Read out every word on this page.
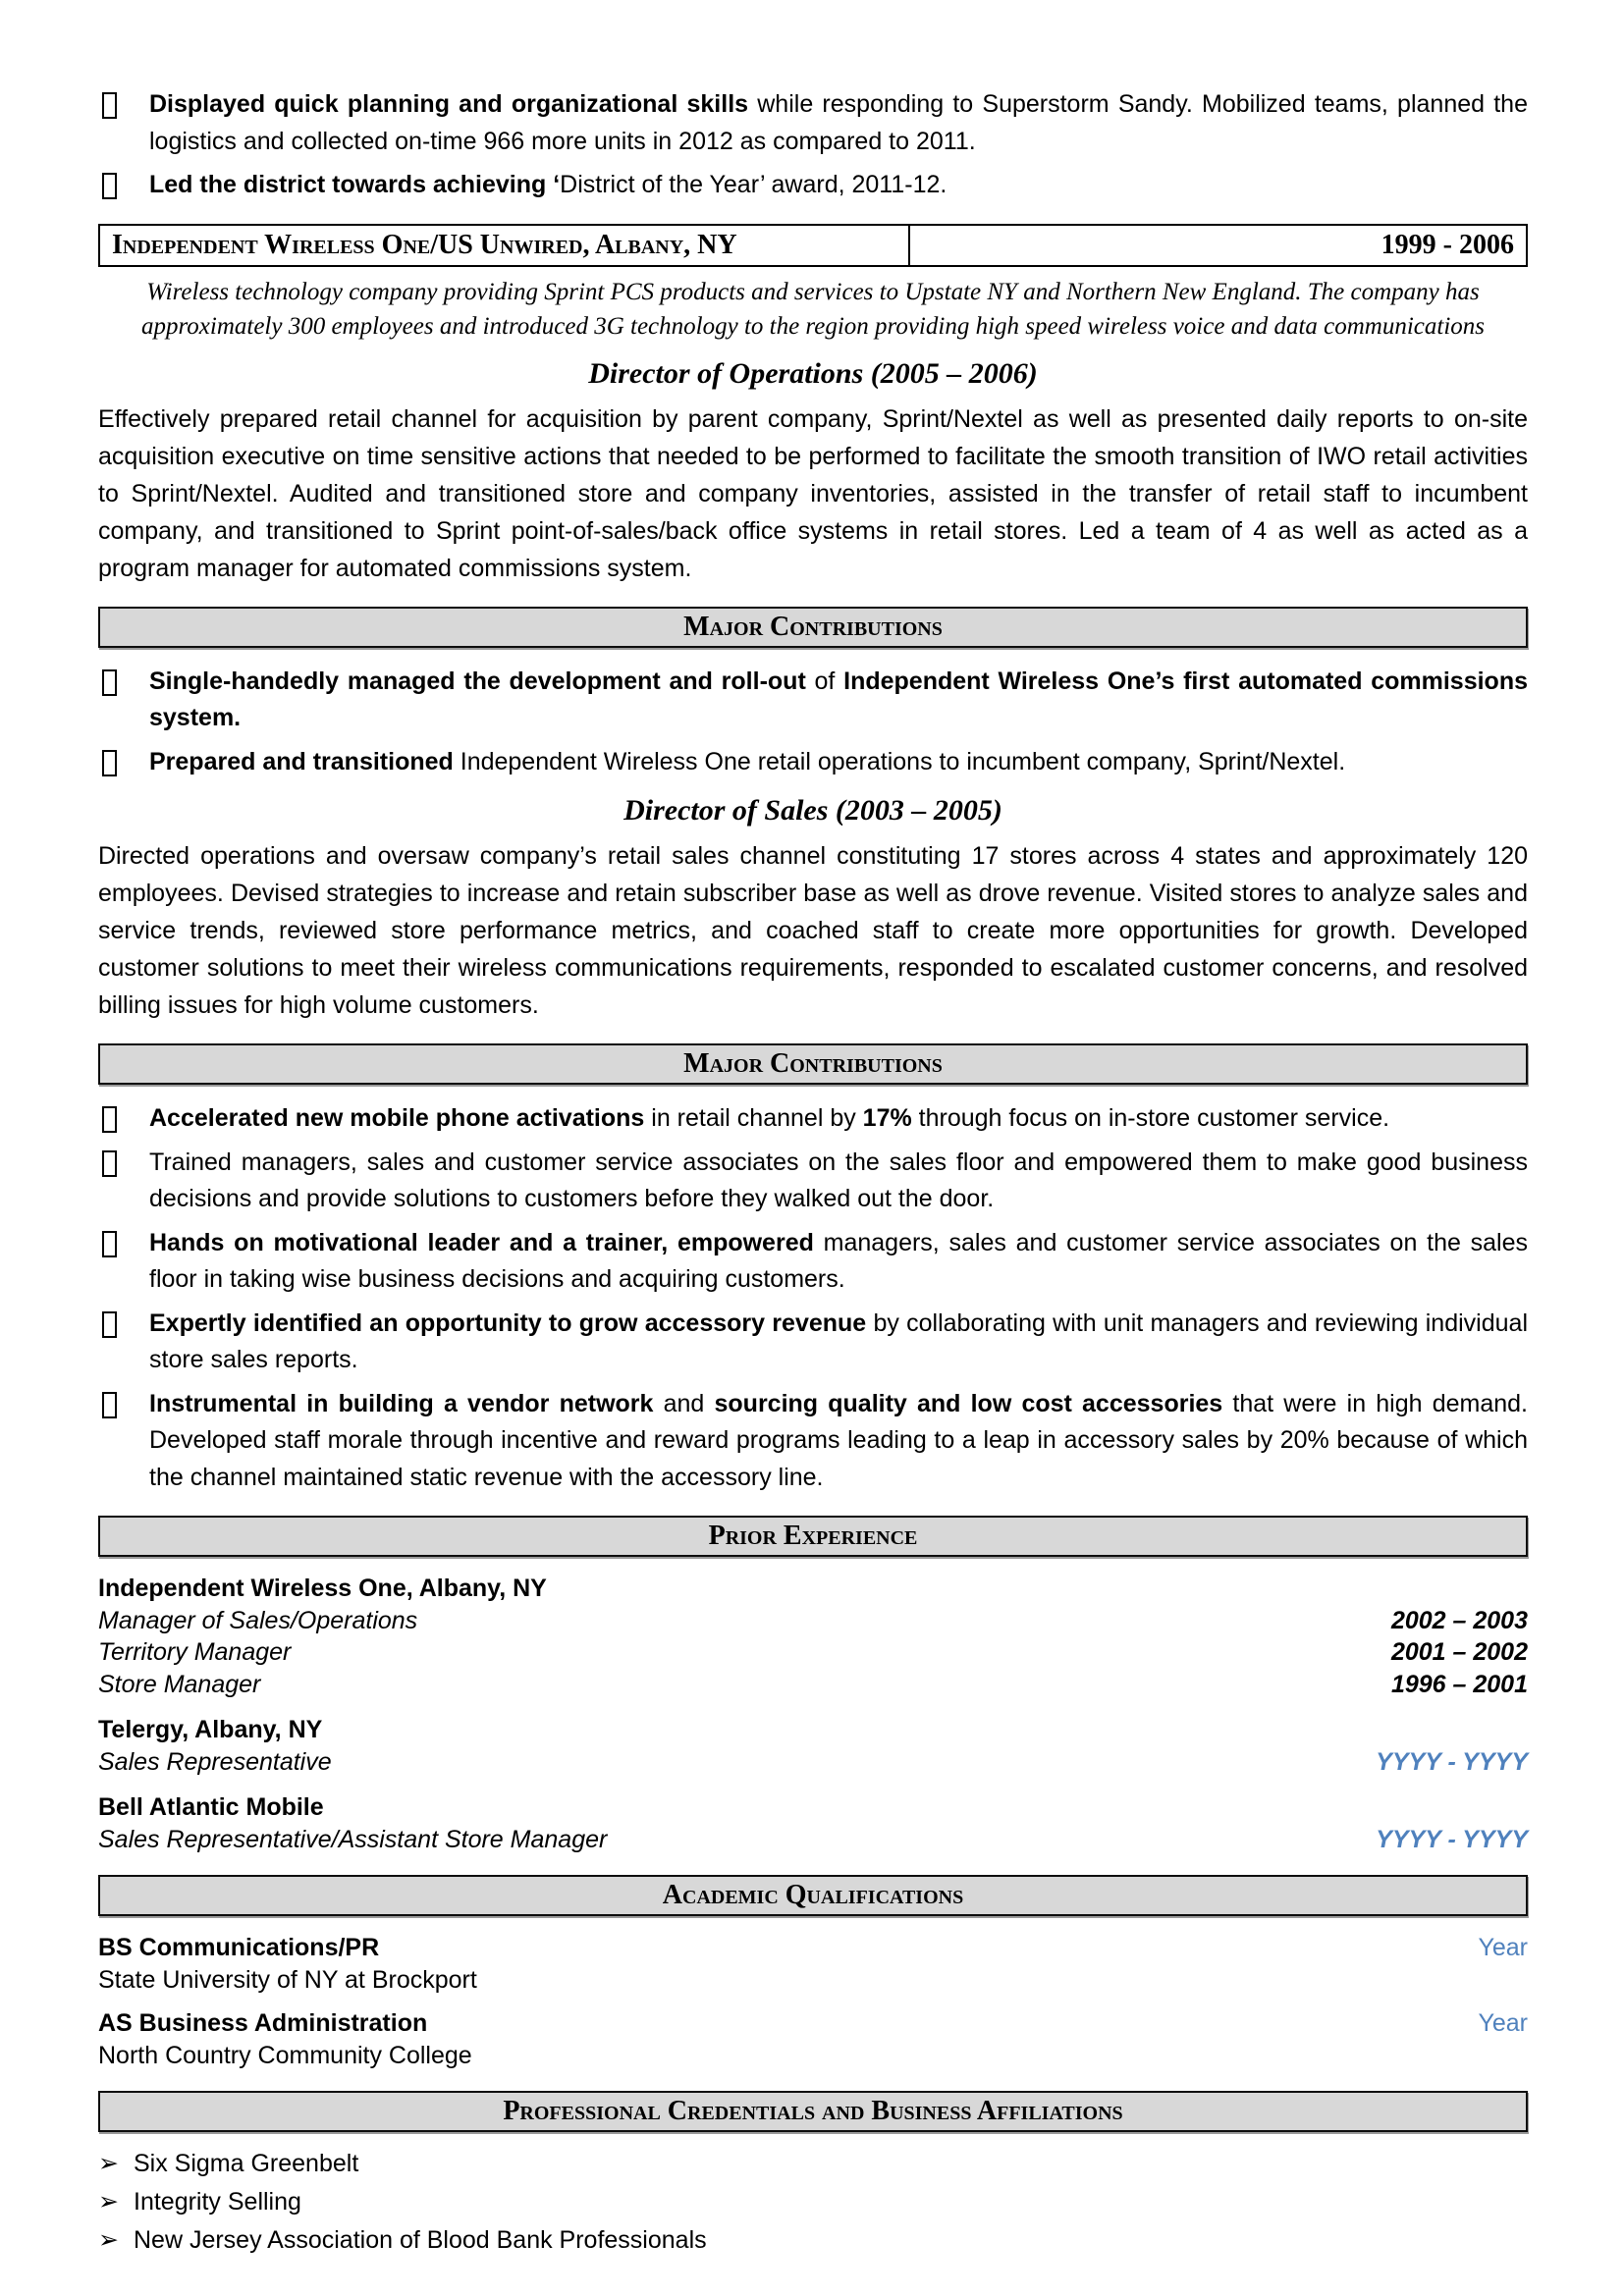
Displayed quick planning and organizational skills while responding to Superstorm Sandy. Mobilized teams, planned the logistics and collected on-time 966 more units in 2012 as compared to 2011.
Led the district towards achieving ‘District of the Year’ award, 2011-12.
Independent Wireless One/US Unwired, Albany, NY	1999 - 2006
Wireless technology company providing Sprint PCS products and services to Upstate NY and Northern New England. The company has approximately 300 employees and introduced 3G technology to the region providing high speed wireless voice and data communications
Director of Operations (2005 – 2006)

Effectively prepared retail channel for acquisition by parent company, Sprint/Nextel as well as presented daily reports to on-site acquisition executive on time sensitive actions that needed to be performed to facilitate the smooth transition of IWO retail activities to Sprint/Nextel. Audited and transitioned store and company inventories, assisted in the transfer of retail staff to incumbent company, and transitioned to Sprint point-of-sales/back office systems in retail stores. Led a team of 4 as well as acted as a program manager for automated commissions system.

Major Contributions
Single-handedly managed the development and roll-out of Independent Wireless One’s first automated commissions system.
Prepared and transitioned Independent Wireless One retail operations to incumbent company, Sprint/Nextel.
Director of Sales (2003 – 2005)

Directed operations and oversaw company’s retail sales channel constituting 17 stores across 4 states and approximately 120 employees. Devised strategies to increase and retain subscriber base as well as drove revenue. Visited stores to analyze sales and service trends, reviewed store performance metrics, and coached staff to create more opportunities for growth. Developed customer solutions to meet their wireless communications requirements, responded to escalated customer concerns, and resolved billing issues for high volume customers.

Major Contributions
Accelerated new mobile phone activations in retail channel by 17% through focus on in-store customer service.
Trained managers, sales and customer service associates on the sales floor and empowered them to make good business decisions and provide solutions to customers before they walked out the door.
Hands on motivational leader and a trainer, empowered managers, sales and customer service associates on the sales floor in taking wise business decisions and acquiring customers.
Expertly identified an opportunity to grow accessory revenue by collaborating with unit managers and reviewing individual store sales reports.
Instrumental in building a vendor network and sourcing quality and low cost accessories that were in high demand. Developed staff morale through incentive and reward programs leading to a leap in accessory sales by 20% because of which the channel maintained static revenue with the accessory line.
Prior Experience
Independent Wireless One, Albany, NY
Manager of Sales/Operations	2002 – 2003
Territory Manager	2001 – 2002
Store Manager	1996 – 2001
Telergy, Albany, NY
Sales Representative	YYYY - YYYY
Bell Atlantic Mobile
Sales Representative/Assistant Store Manager	YYYY - YYYY
Academic Qualifications
BS Communications/PR	Year
State University of NY at Brockport
AS Business Administration	Year
North Country Community College
Professional Credentials and Business Affiliations
➢ Six Sigma Greenbelt
➢ Integrity Selling
➢ New Jersey Association of Blood Bank Professionals
